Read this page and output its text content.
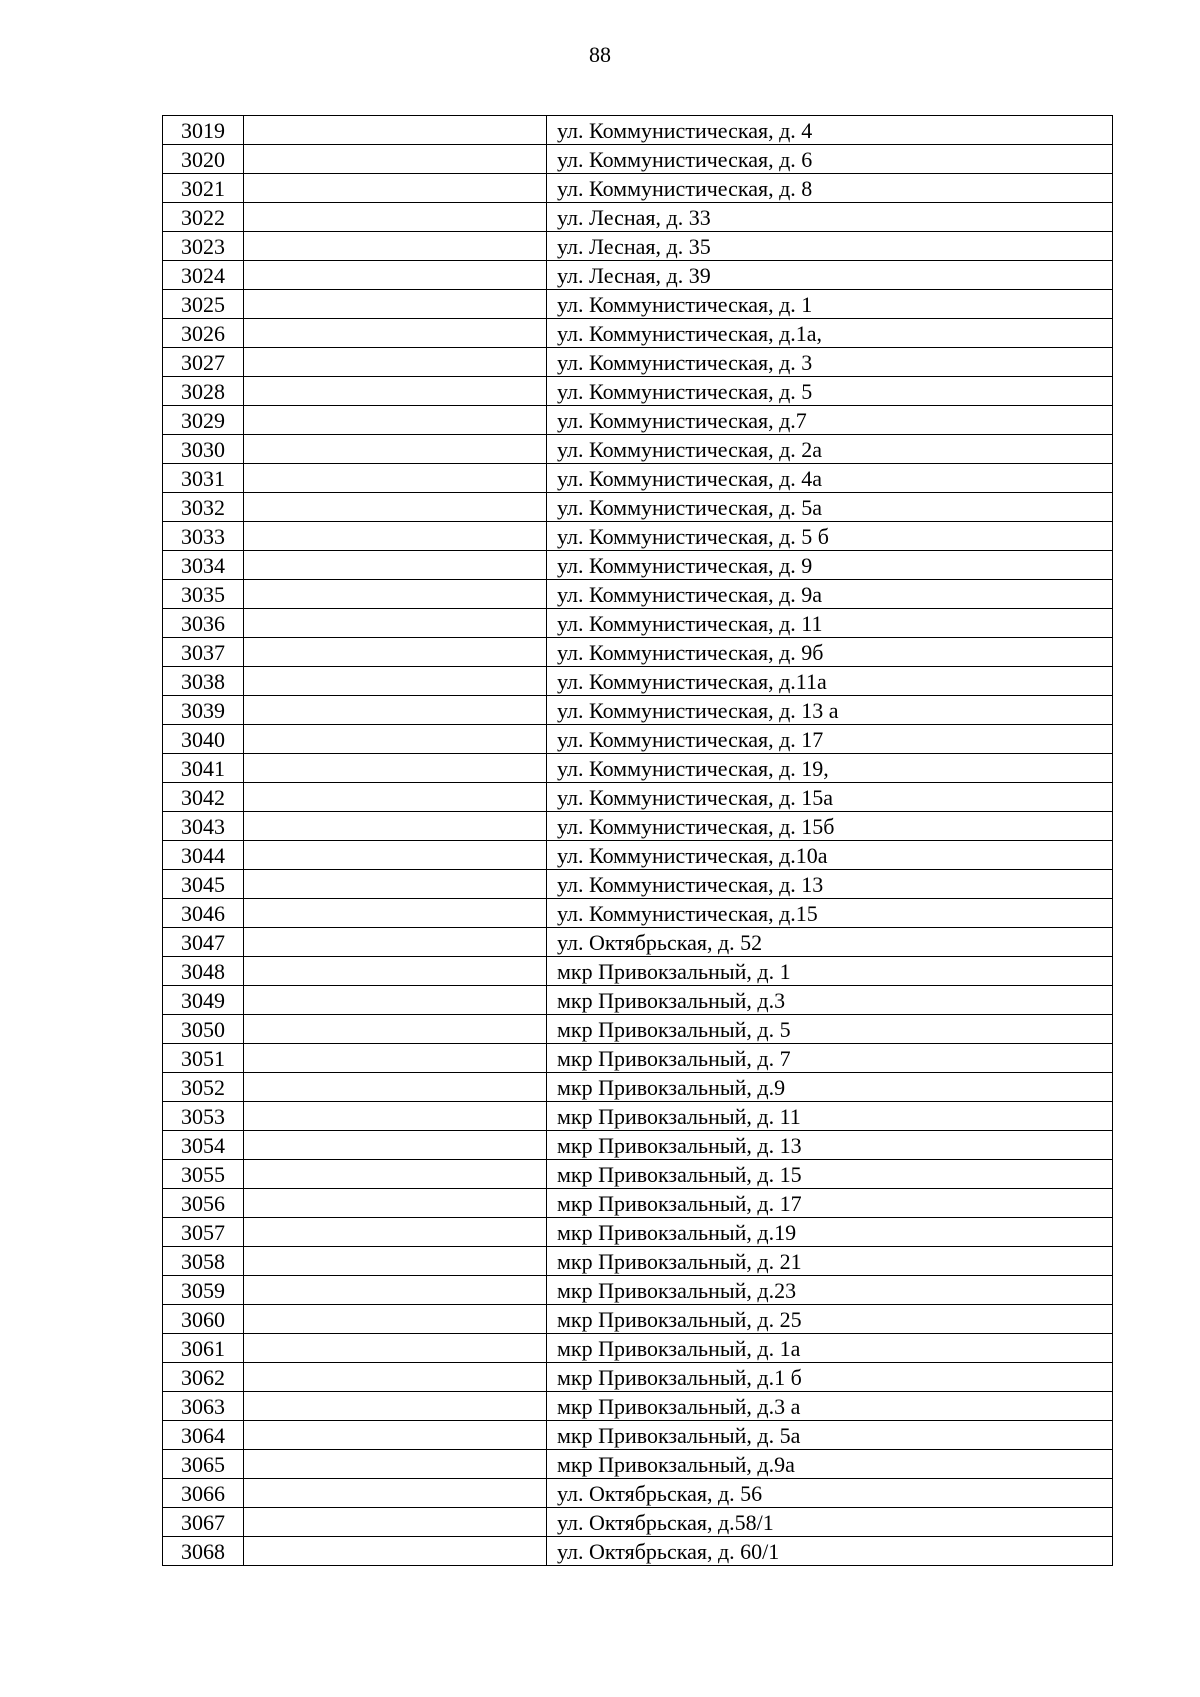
88
3019		ул. Коммунистическая, д. 4
3020		ул. Коммунистическая, д. 6
3021		ул. Коммунистическая, д. 8
3022		ул. Лесная, д. 33
3023		ул. Лесная, д. 35
3024		ул. Лесная, д. 39
3025		ул. Коммунистическая, д. 1
3026		ул. Коммунистическая, д.1а,
3027		ул. Коммунистическая, д. 3
3028		ул. Коммунистическая, д. 5
3029		ул. Коммунистическая, д.7
3030		ул. Коммунистическая, д. 2а
3031		ул. Коммунистическая, д. 4а
3032		ул. Коммунистическая, д. 5а
3033		ул. Коммунистическая, д. 5 б
3034		ул. Коммунистическая, д. 9
3035		ул. Коммунистическая, д. 9а
3036		ул. Коммунистическая, д. 11
3037		ул. Коммунистическая, д. 9б
3038		ул. Коммунистическая, д.11а
3039		ул. Коммунистическая, д. 13 а
3040		ул. Коммунистическая, д. 17
3041		ул. Коммунистическая, д. 19,
3042		ул. Коммунистическая, д. 15а
3043		ул. Коммунистическая, д. 15б
3044		ул. Коммунистическая, д.10а
3045		ул. Коммунистическая, д. 13
3046		ул. Коммунистическая, д.15
3047		ул. Октябрьская, д. 52
3048		мкр Привокзальный, д. 1
3049		мкр Привокзальный, д.3
3050		мкр Привокзальный, д. 5
3051		мкр Привокзальный, д. 7
3052		мкр Привокзальный, д.9
3053		мкр Привокзальный, д. 11
3054		мкр Привокзальный, д. 13
3055		мкр Привокзальный, д. 15
3056		мкр Привокзальный, д. 17
3057		мкр Привокзальный, д.19
3058		мкр Привокзальный, д. 21
3059		мкр Привокзальный, д.23
3060		мкр Привокзальный, д. 25
3061		мкр Привокзальный, д. 1а
3062		мкр Привокзальный, д.1 б
3063		мкр Привокзальный, д.3 а
3064		мкр Привокзальный, д. 5а
3065		мкр Привокзальный, д.9а
3066		ул. Октябрьская, д. 56
3067		ул. Октябрьская, д.58/1
3068		ул. Октябрьская, д. 60/1
